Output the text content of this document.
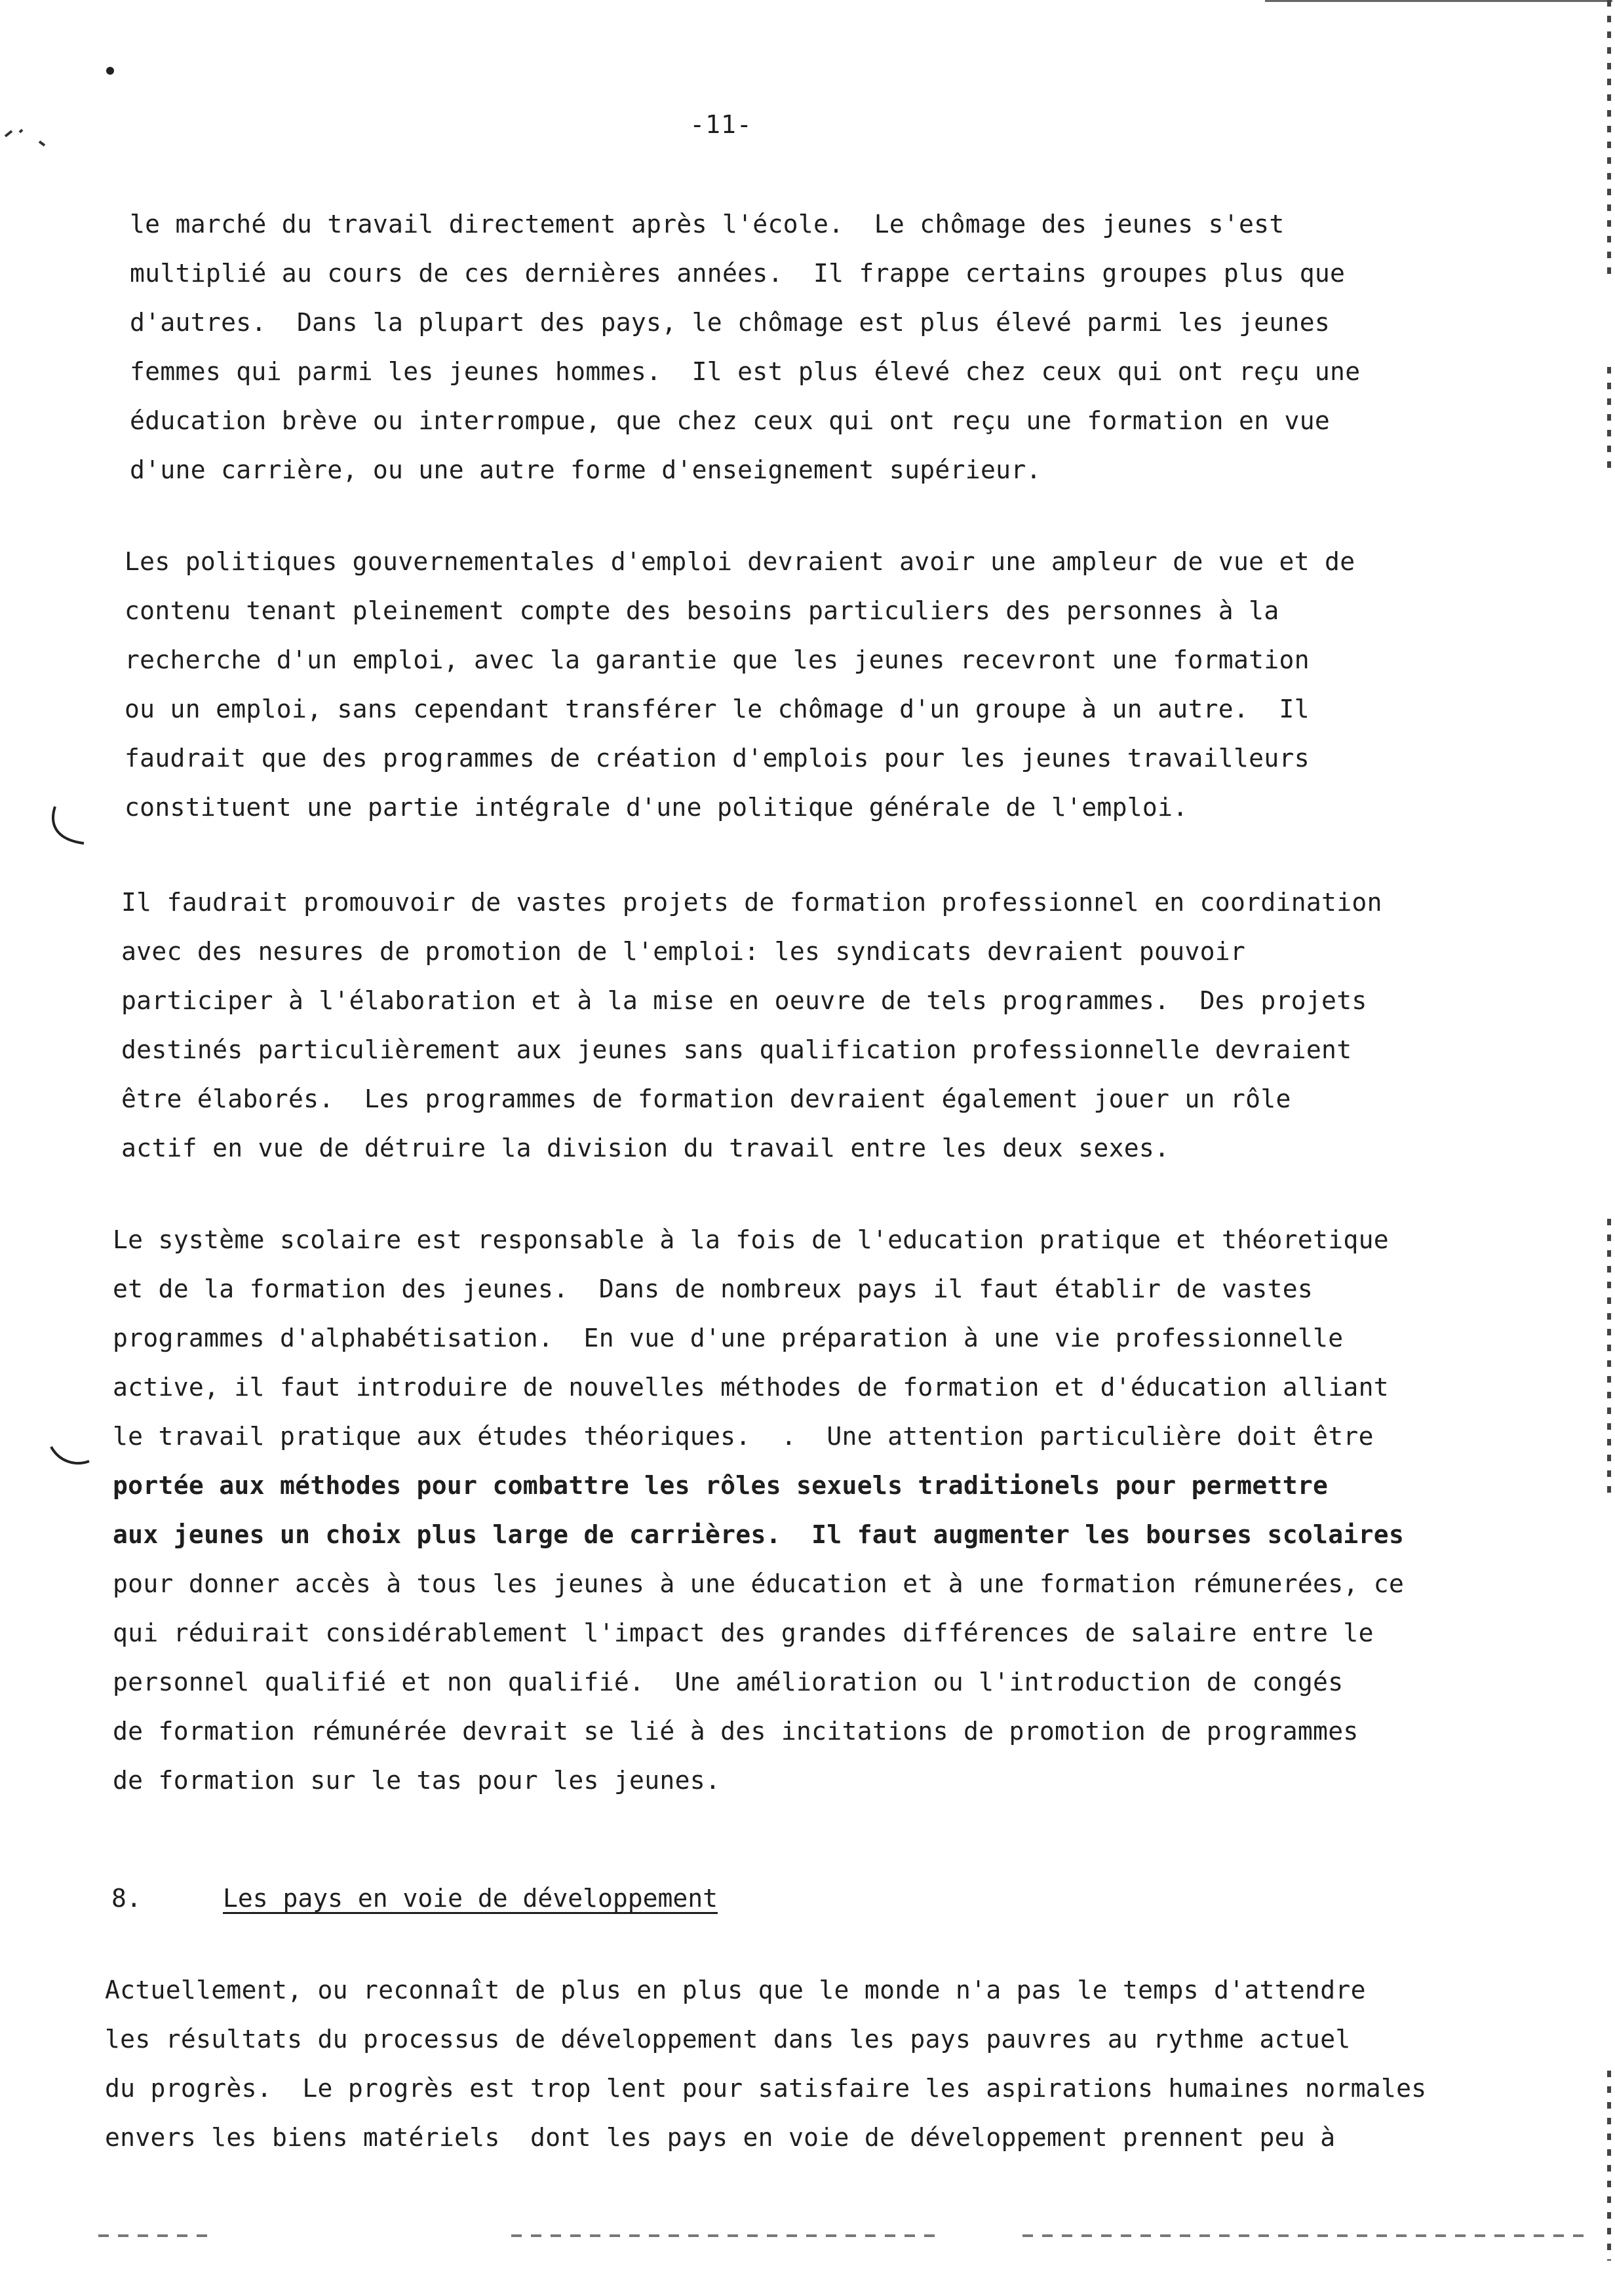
-11-

le marché du travail directement après l'école.  Le chômage des jeunes s'est
multiplié au cours de ces dernières années.  Il frappe certains groupes plus que
d'autres.  Dans la plupart des pays, le chômage est plus élevé parmi les jeunes
femmes qui parmi les jeunes hommes.  Il est plus élevé chez ceux qui ont reçu une
éducation brève ou interrompue, que chez ceux qui ont reçu une formation en vue
d'une carrière, ou une autre forme d'enseignement supérieur.

Les politiques gouvernementales d'emploi devraient avoir une ampleur de vue et de
contenu tenant pleinement compte des besoins particuliers des personnes à la
recherche d'un emploi, avec la garantie que les jeunes recevront une formation
ou un emploi, sans cependant transférer le chômage d'un groupe à un autre.  Il
faudrait que des programmes de création d'emplois pour les jeunes travailleurs
constituent une partie intégrale d'une politique générale de l'emploi.

Il faudrait promouvoir de vastes projets de formation professionnel en coordination
avec des nesures de promotion de l'emploi: les syndicats devraient pouvoir
participer à l'élaboration et à la mise en oeuvre de tels programmes.  Des projets
destinés particulièrement aux jeunes sans qualification professionnelle devraient
être élaborés.  Les programmes de formation devraient également jouer un rôle
actif en vue de détruire la division du travail entre les deux sexes.

Le système scolaire est responsable à la fois de l'education pratique et théoretique
et de la formation des jeunes.  Dans de nombreux pays il faut établir de vastes
programmes d'alphabétisation.  En vue d'une préparation à une vie professionnelle
active, il faut introduire de nouvelles méthodes de formation et d'éducation alliant
le travail pratique aux études théoriques.  .  Une attention particulière doit être
portée aux méthodes pour combattre les rôles sexuels traditionels pour permettre
aux jeunes un choix plus large de carrières.  Il faut augmenter les bourses scolaires
pour donner accès à tous les jeunes à une éducation et à une formation rémunerées, ce
qui réduirait considérablement l'impact des grandes différences de salaire entre le
personnel qualifié et non qualifié.  Une amélioration ou l'introduction de congés
de formation rémunérée devrait se lié à des incitations de promotion de programmes
de formation sur le tas pour les jeunes.

8.	Les pays en voie de développement

Actuellement, ou reconnaît de plus en plus que le monde n'a pas le temps d'attendre
les résultats du processus de développement dans les pays pauvres au rythme actuel
du progrès.  Le progrès est trop lent pour satisfaire les aspirations humaines normales
envers les biens matériels  dont les pays en voie de développement prennent peu à
